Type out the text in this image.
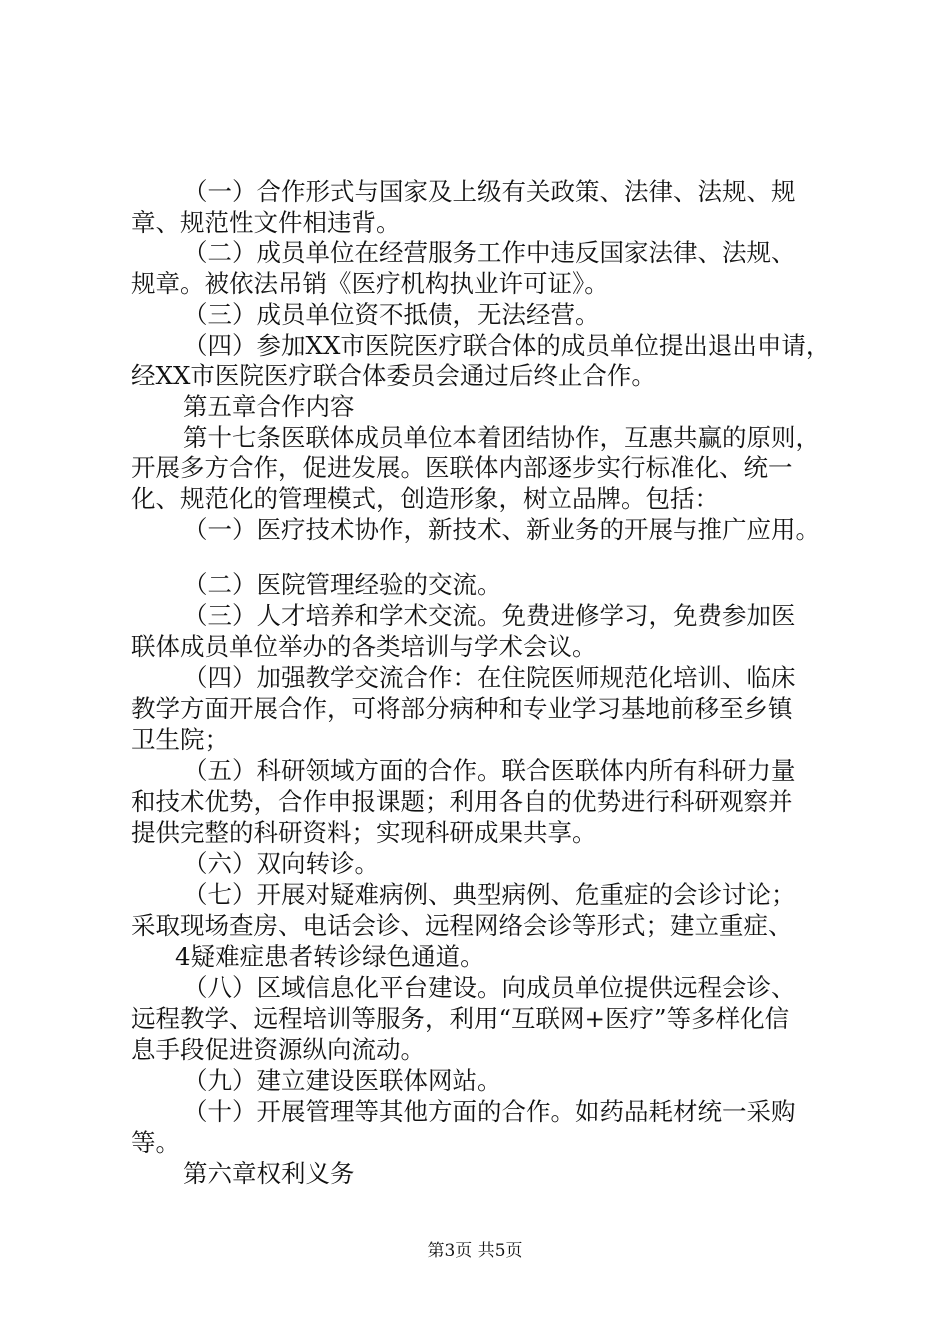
（一）合作形式与国家及上级有关政策、法律、法规、规
章、规范性文件相违背。
（二）成员单位在经营服务工作中违反国家法律、法规、
规章。被依法吊销《医疗机构执业许可证》。
（三）成员单位资不抵债，无法经营。
（四）参加XX市医院医疗联合体的成员单位提出退出申请，
经XX市医院医疗联合体委员会通过后终止合作。
第五章合作内容
第十七条医联体成员单位本着团结协作，互惠共赢的原则，
开展多方合作，促进发展。医联体内部逐步实行标准化、统一
化、规范化的管理模式，创造形象，树立品牌。包括：
（一）医疗技术协作，新技术、新业务的开展与推广应用。
（二）医院管理经验的交流。
（三）人才培养和学术交流。免费进修学习，免费参加医
联体成员单位举办的各类培训与学术会议。
（四）加强教学交流合作：在住院医师规范化培训、临床
教学方面开展合作，可将部分病种和专业学习基地前移至乡镇
卫生院；
（五）科研领域方面的合作。联合医联体内所有科研力量
和技术优势，合作申报课题；利用各自的优势进行科研观察并
提供完整的科研资料；实现科研成果共享。
（六）双向转诊。
（七）开展对疑难病例、典型病例、危重症的会诊讨论；
采取现场查房、电话会诊、远程网络会诊等形式；建立重症、
4疑难症患者转诊绿色通道。
（八）区域信息化平台建设。向成员单位提供远程会诊、
远程教学、远程培训等服务，利用“互联网+医疗”等多样化信
息手段促进资源纵向流动。
（九）建立建设医联体网站。
（十）开展管理等其他方面的合作。如药品耗材统一采购
等。
第六章权利义务
第3页 共5页
